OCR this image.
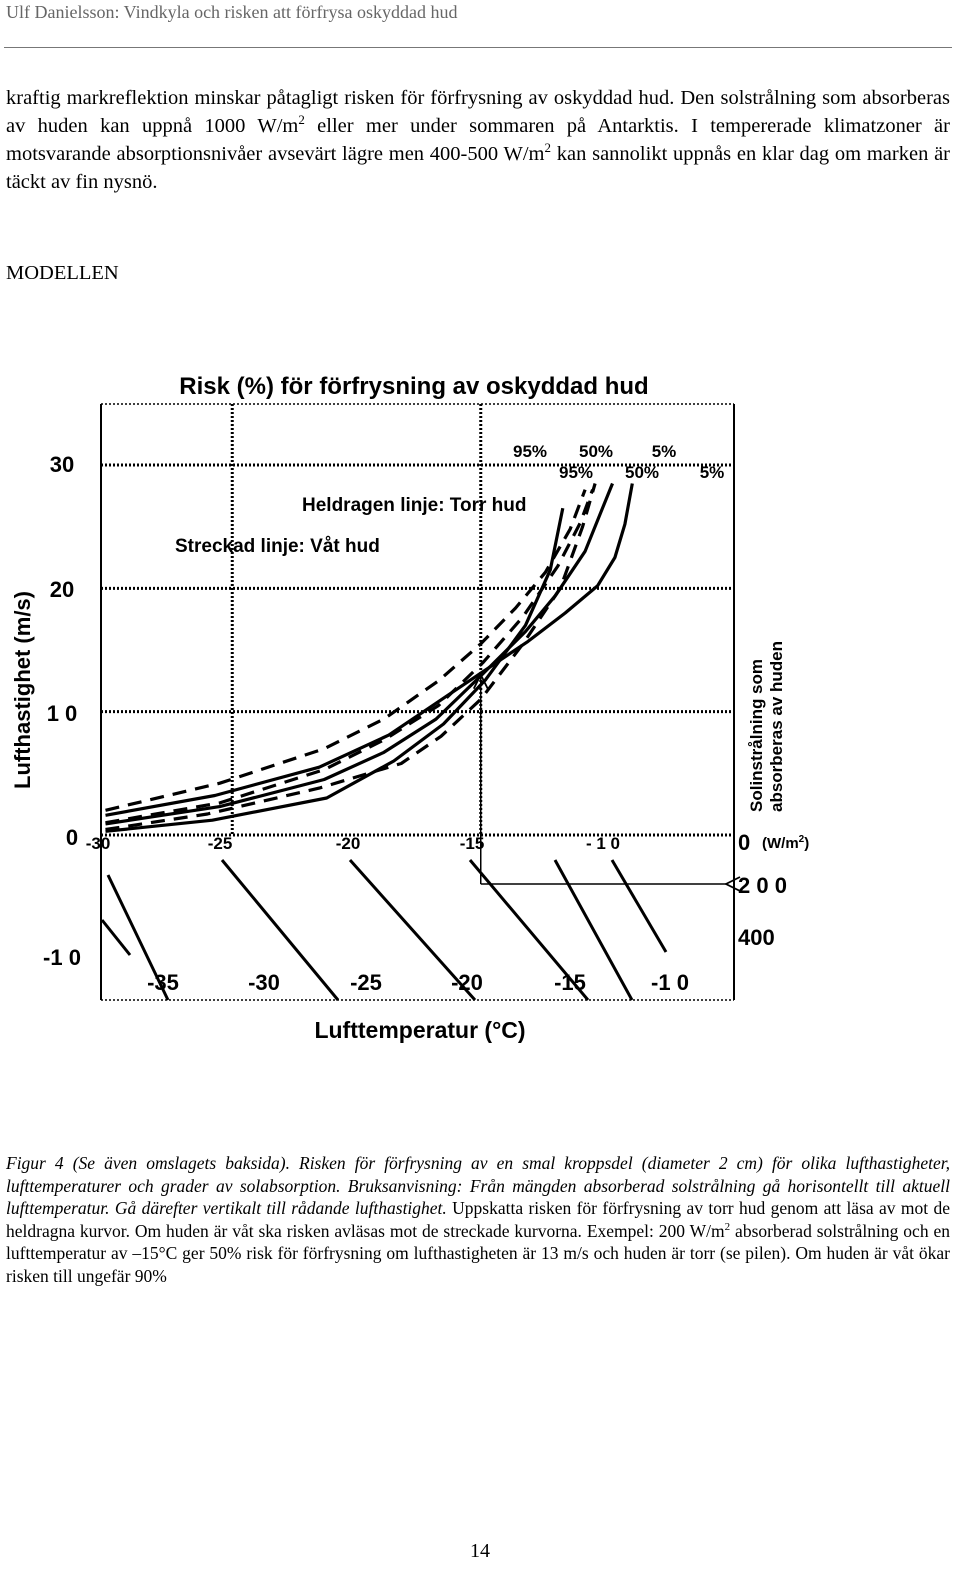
Ulf Danielsson: Vindkyla och risken att förfrysa oskyddad hud

kraftig markreflektion minskar påtagligt risken för förfrysning av oskyddad hud. Den solstrålning som absorberas av huden kan uppnå 1000 $W/m^2$ eller mer under sommaren på Antarktis. I tempererade klimatzoner är motsvarande absorptionsnivåer avsevärt lägre men 400-500 $W/m^2$ kan sannolikt uppnås en klar dag om marken är täckt av fin nysnö.

MODELLEN
Risk (%) för förfrysning av oskyddad hud
Heldragen linje: Torr hud
Streckad linje: Våt hud
Lufthastighet (m/s)
Lufttemperatur (°C)
30
20
1 0
0
-1 0
-30	-25	-20	-15	- 1 0
-35	-30	-25	-20	-15	-1 0
0
2 0 0
400
95% 50% 5%
95% 50% 5%
$(W/m^2)$
Solinstrålning som absorberas av huden

Figur 4 (Se även omslagets baksida). Risken för förfrysning av en smal kroppsdel (diameter 2 cm) för olika lufthastigheter, lufttemperaturer och grader av solabsorption. Bruksanvisning: Från mängden absorberad solstrålning gå horisontellt till aktuell lufttemperatur. Gå därefter vertikalt till rådande lufthastighet. Uppskatta risken för förfrysning av torr hud genom att läsa av mot de heldragna kurvor. Om huden är våt ska risken avläsas mot de streckade kurvorna. Exempel: 200 $W/m^2$ absorberad solstrålning och en lufttemperatur av –15°C ger 50% risk för förfrysning om lufthastigheten är 13 m/s och huden är torr (se pilen). Om huden är våt ökar risken till ungefär 90%

14
